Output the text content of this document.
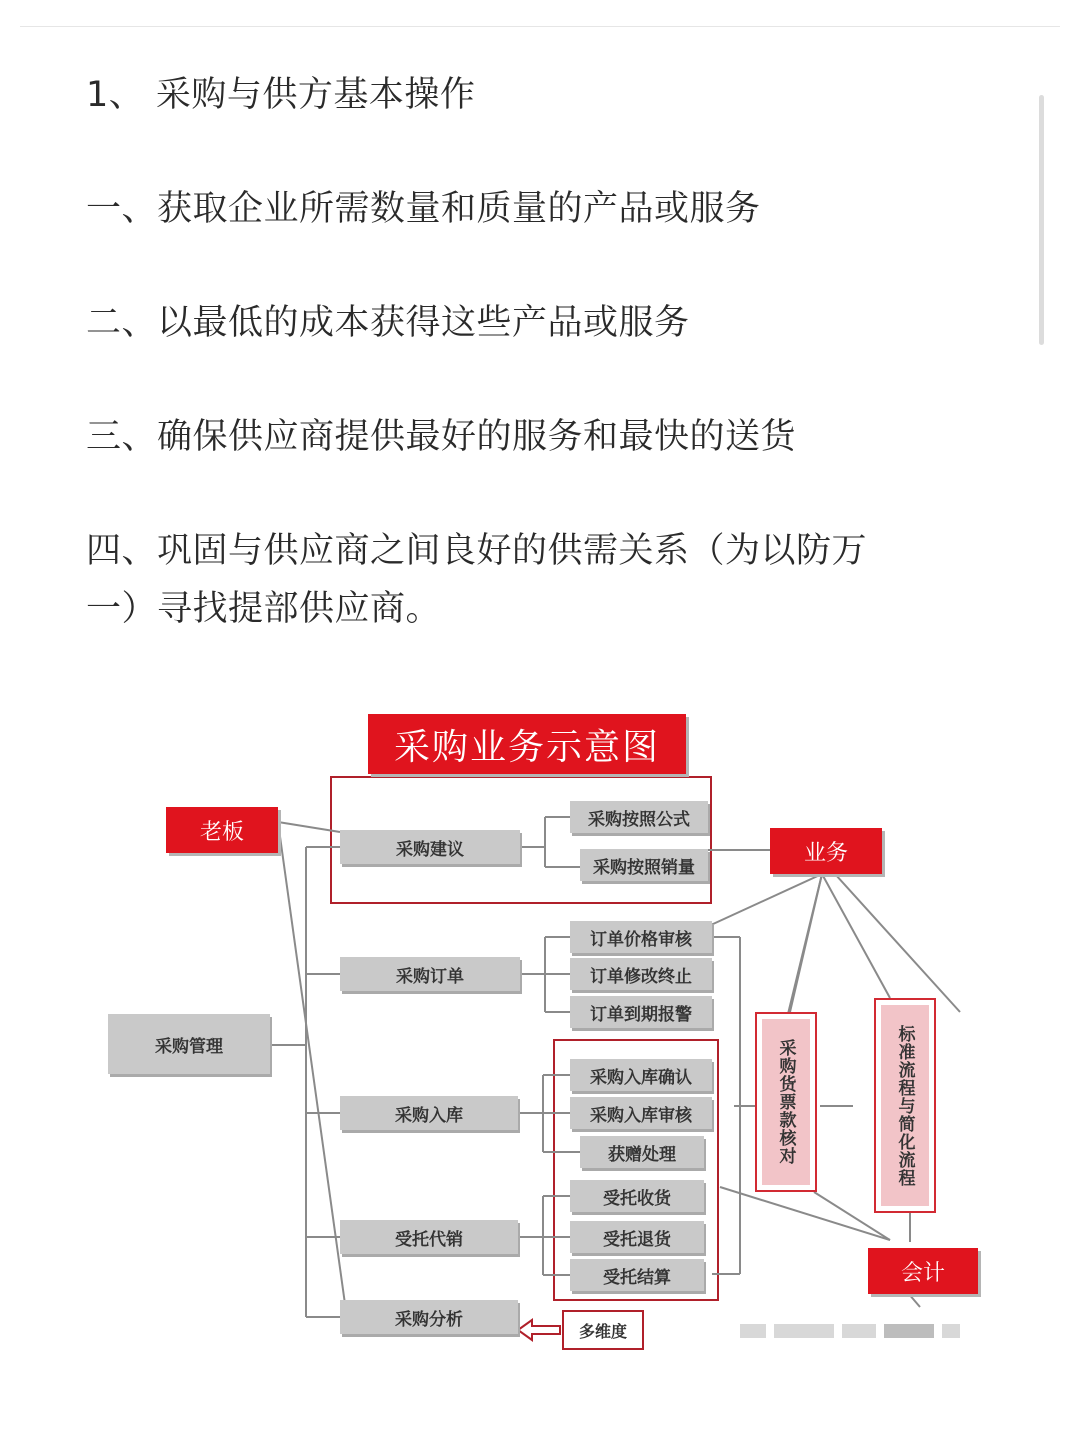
1、 采购与供方基本操作

一、获取企业所需数量和质量的产品或服务

二、以最低的成本获得这些产品或服务

三、确保供应商提供最好的服务和最快的送货

四、巩固与供应商之间良好的供需关系（为以防万

一）寻找提部供应商。

采购业务示意图
老板
业务
会计
采购管理
采购建议
采购按照公式
采购按照销量
采购订单
订单价格审核
订单修改终止
订单到期报警
采购入库
采购入库确认
采购入库审核
获赠处理
受托代销
受托收货
受托退货
受托结算
采购分析
多维度
采购货票款核对	标准流程与简化流程
